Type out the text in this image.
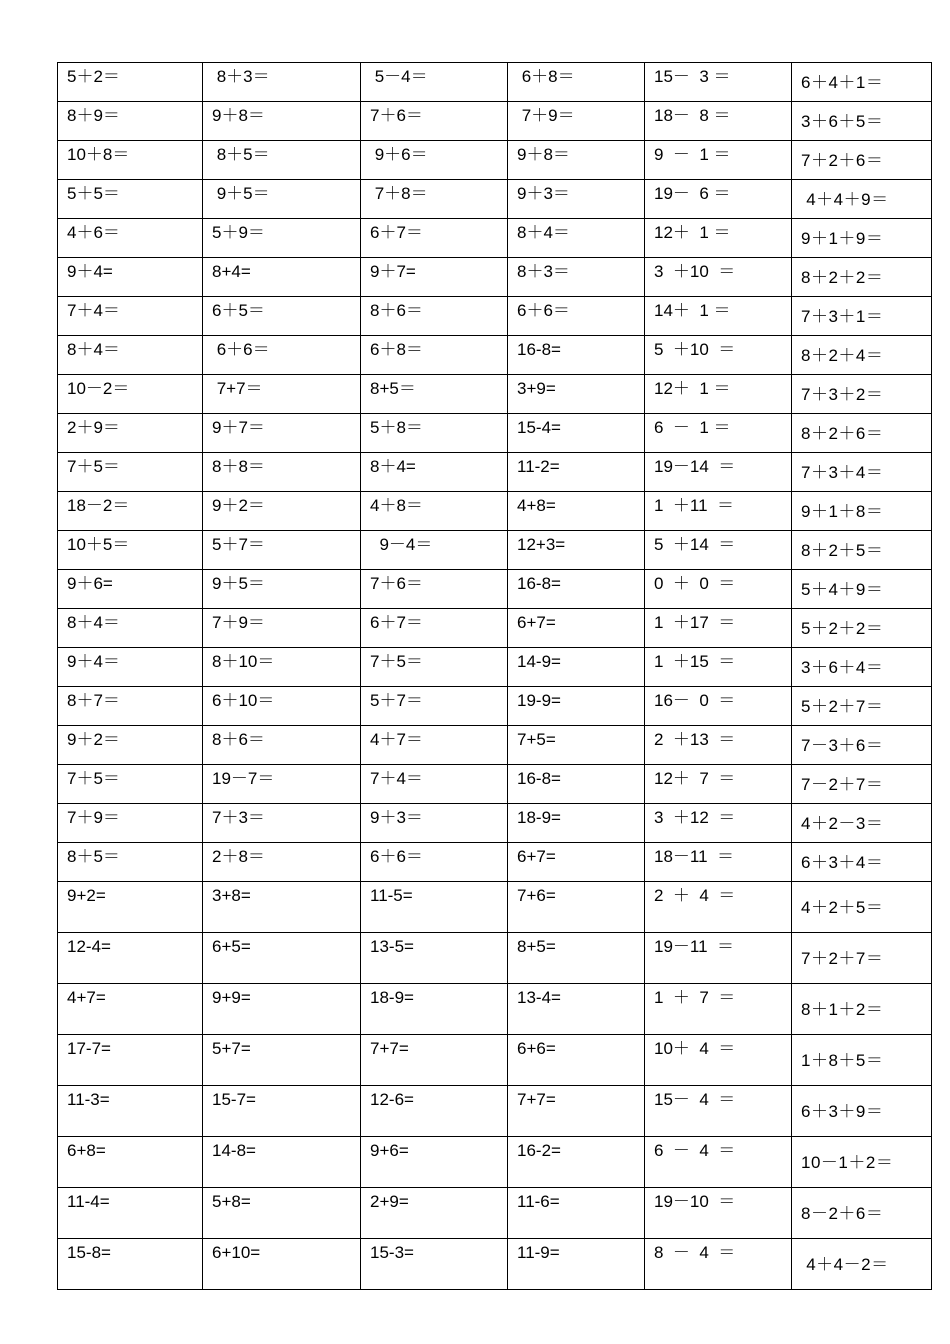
5＋2＝	8＋3＝	5－4＝	6＋8＝	15－  3 ＝	6＋4＋1＝

8＋9＝	9＋8＝	7＋6＝	7＋9＝	18－  8 ＝	3＋6＋5＝

10＋8＝	8＋5＝	9＋6＝	9＋8＝	9  －  1 ＝	7＋2＋6＝

5＋5＝	9＋5＝	7＋8＝	9＋3＝	19－  6 ＝	4＋4＋9＝

4＋6＝	5＋9＝	6＋7＝	8＋4＝	12＋  1 ＝	9＋1＋9＝

9＋4=	8+4=	9＋7=	8＋3＝	3  ＋10  ＝	8＋2＋2＝

7＋4＝	6＋5＝	8＋6＝	6＋6＝	14＋  1 ＝	7＋3＋1＝

8＋4＝	6＋6＝	6＋8＝	16-8=	5  ＋10  ＝	8＋2＋4＝

10－2＝	7+7＝	8+5＝	3+9=	12＋  1 ＝	7＋3＋2＝

2＋9＝	9＋7＝	5＋8＝	15-4=	6  －  1 ＝	8＋2＋6＝

7＋5＝	8＋8＝	8＋4=	11-2=	19－14  ＝	7＋3＋4＝

18－2＝	9＋2＝	4＋8＝	4+8=	1  ＋11  ＝	9＋1＋8＝

10＋5＝	5＋7＝	9－4＝	12+3=	5  ＋14  ＝	8＋2＋5＝

9＋6=	9＋5＝	7＋6＝	16-8=	0  ＋  0  ＝	5＋4＋9＝

8＋4＝	7＋9＝	6＋7＝	6+7=	1  ＋17  ＝	5＋2＋2＝

9＋4＝	8＋10＝	7＋5＝	14-9=	1  ＋15  ＝	3＋6＋4＝

8＋7＝	6＋10＝	5＋7＝	19-9=	16－  0  ＝	5＋2＋7＝

9＋2＝	8＋6＝	4＋7＝	7+5=	2  ＋13  ＝	7－3＋6＝

7＋5＝	19－7＝	7＋4＝	16-8=	12＋  7  ＝	7－2＋7＝

7＋9＝	7＋3＝	9＋3＝	18-9=	3  ＋12  ＝	4＋2－3＝

8＋5＝	2＋8＝	6＋6＝	6+7=	18－11  ＝	6＋3＋4＝

9+2=	3+8=	11-5=	7+6=	2  ＋  4  ＝	4＋2＋5＝

12-4=	6+5=	13-5=	8+5=	19－11  ＝	7＋2＋7＝

4+7=	9+9=	18-9=	13-4=	1  ＋  7  ＝	8＋1＋2＝

17-7=	5+7=	7+7=	6+6=	10＋  4  ＝	1＋8＋5＝

11-3=	15-7=	12-6=	7+7=	15－  4  ＝	6＋3＋9＝

6+8=	14-8=	9+6=	16-2=	6  －  4  ＝	10－1＋2＝

11-4=	5+8=	2+9=	11-6=	19－10  ＝	8－2＋6＝

15-8=	6+10=	15-3=	11-9=	8  －  4  ＝	4＋4－2＝
